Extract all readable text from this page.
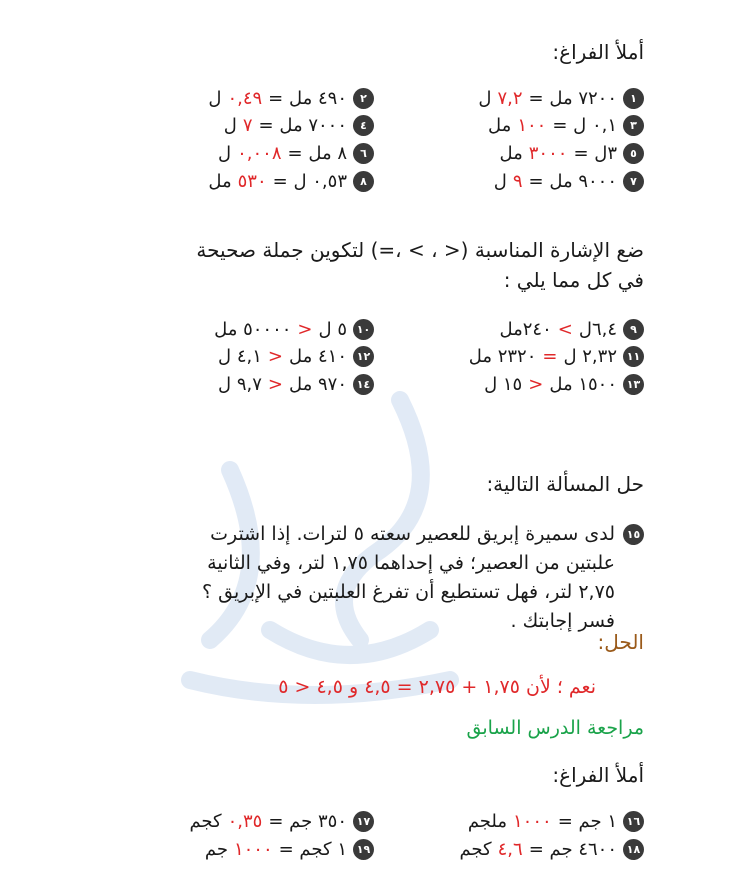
أملأ الفراغ:
١
٧٢٠٠ مل =
٧,٢
ل
٢
٤٩٠ مل =
٠,٤٩
ل
٣
٠,١ ل =
١٠٠
مل
٤
٧٠٠٠ مل =
٧
ل
٥
٣ل =
٣٠٠٠
مل
٦
٨ مل =
٠,٠٠٨
ل
٧
٩٠٠٠ مل =
٩
ل
٨
٠,٥٣ ل =
٥٣٠
مل
ضع الإشارة المناسبة (< ، > ،=) لتكوين جملة صحيحة
في كل مما يلي :
٩
٦,٤ل
>
٢٤٠مل
١٠
٥ ل
<
٥٠٠٠٠ مل
١١
٢,٣٢ ل
=
٢٣٢٠ مل
١٢
٤١٠ مل
<
٤,١ ل
١٣
١٥٠٠ مل
<
١٥ ل
١٤
٩٧٠ مل
<
٩,٧ ل
حل المسألة التالية:
١٥
لدى سميرة إبريق للعصير سعته ٥ لترات. إذا اشترت
علبتين من العصير؛ في إحداهما ١,٧٥ لتر، وفي الثانية
٢,٧٥ لتر، فهل تستطيع أن تفرغ العلبتين في الإبريق ؟
فسر إجابتك .
الحل:
نعم ؛ لأن ١,٧٥ + ٢,٧٥ = ٤,٥ و ٤,٥ < ٥
مراجعة الدرس السابق
أملأ الفراغ:
١٦
١ جم =
١٠٠٠
ملجم
١٧
٣٥٠ جم =
٠,٣٥
كجم
١٨
٤٦٠٠ جم =
٤,٦
كجم
١٩
١ كجم =
١٠٠٠
جم
